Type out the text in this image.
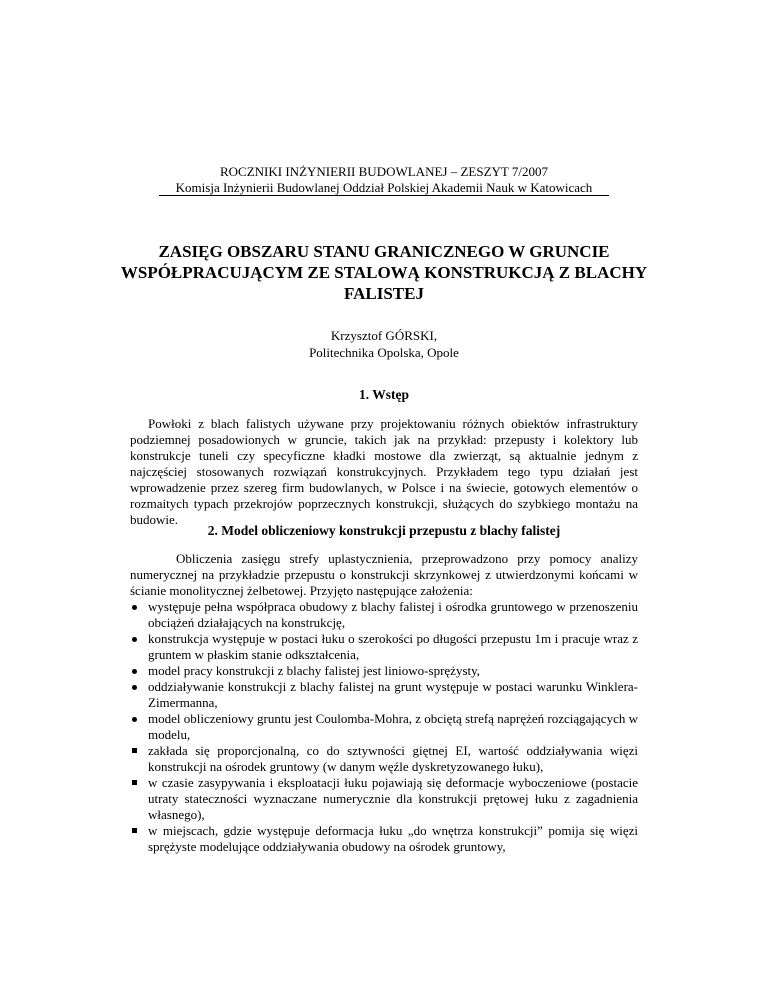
ROCZNIKI INŻYNIERII BUDOWLANEJ – ZESZYT 7/2007
Komisja Inżynierii Budowlanej Oddział Polskiej Akademii Nauk w Katowicach
ZASIĘG OBSZARU STANU GRANICZNEGO W GRUNCIE WSPÓŁPRACUJĄCYM ZE STALOWĄ KONSTRUKCJĄ Z BLACHY FALISTEJ
Krzysztof GÓRSKI,
Politechnika Opolska, Opole
1. Wstęp

Powłoki z blach falistych używane przy projektowaniu różnych obiektów infrastruktury podziemnej posadowionych w gruncie, takich jak na przykład: przepusty i kolektory lub konstrukcje tuneli czy specyficzne kładki mostowe dla zwierząt, są aktualnie jednym z najczęściej stosowanych rozwiązań konstrukcyjnych. Przykładem tego typu działań jest wprowadzenie przez szereg firm budowlanych, w Polsce i na świecie, gotowych elementów o rozmaitych typach przekrojów poprzecznych konstrukcji, służących do szybkiego montażu na budowie.

2. Model obliczeniowy konstrukcji przepustu z blachy falistej

Obliczenia zasięgu strefy uplastycznienia, przeprowadzono przy pomocy analizy numerycznej na przykładzie przepustu o konstrukcji skrzynkowej z utwierdzonymi końcami w ścianie monolitycznej żelbetowej. Przyjęto następujące założenia:

występuje pełna współpraca obudowy z blachy falistej i ośrodka gruntowego w przenoszeniu obciążeń działających na konstrukcję,
konstrukcja występuje w postaci łuku o szerokości po długości przepustu 1m i pracuje wraz z gruntem w płaskim stanie odkształcenia,
model pracy konstrukcji z blachy falistej jest liniowo-sprężysty,
oddziaływanie konstrukcji z blachy falistej na grunt występuje w postaci warunku Winklera-Zimermanna,
model obliczeniowy gruntu jest Coulomba-Mohra, z obciętą strefą naprężeń rozciągających w modelu,
zakłada się proporcjonalną, co do sztywności giętnej EI, wartość oddziaływania więzi konstrukcji na ośrodek gruntowy (w danym węźle dyskretyzowanego łuku),
w czasie zasypywania i eksploatacji łuku pojawiają się deformacje wyboczeniowe (postacie utraty stateczności wyznaczane numerycznie dla konstrukcji prętowej łuku z zagadnienia własnego),
w miejscach, gdzie występuje deformacja łuku „do wnętrza konstrukcji” pomija się więzi sprężyste modelujące oddziaływania obudowy na ośrodek gruntowy,
